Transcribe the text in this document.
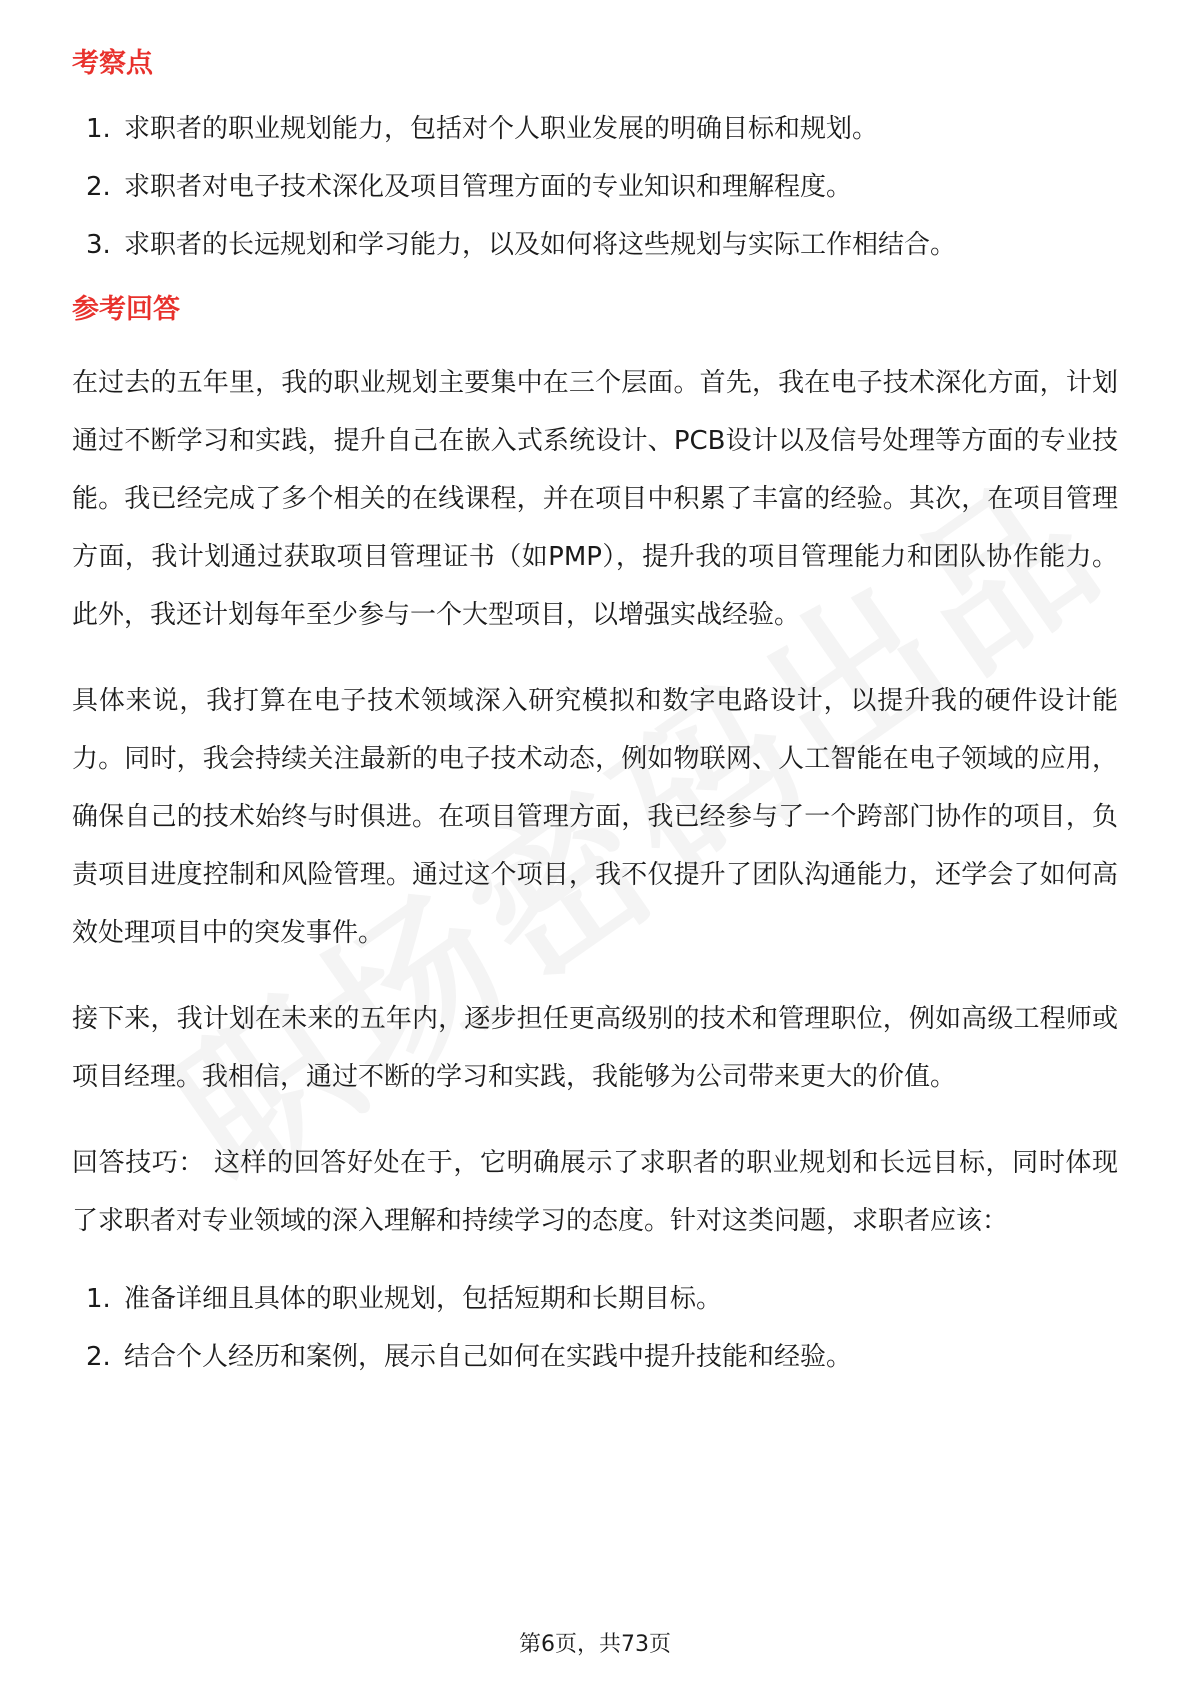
考察点
1. 求职者的职业规划能力，包括对个人职业发展的明确目标和规划。
2. 求职者对电子技术深化及项目管理方面的专业知识和理解程度。
3. 求职者的长远规划和学习能力，以及如何将这些规划与实际工作相结合。
参考回答

在过去的五年里，我的职业规划主要集中在三个层面。首先，我在电子技术深化方面，计划通过不断学习和实践，提升自己在嵌入式系统设计、PCB设计以及信号处理等方面的专业技能。我已经完成了多个相关的在线课程，并在项目中积累了丰富的经验。其次，在项目管理方面，我计划通过获取项目管理证书（如PMP），提升我的项目管理能力和团队协作能力。此外，我还计划每年至少参与一个大型项目，以增强实战经验。

具体来说，我打算在电子技术领域深入研究模拟和数字电路设计，以提升我的硬件设计能力。同时，我会持续关注最新的电子技术动态，例如物联网、人工智能在电子领域的应用，确保自己的技术始终与时俱进。在项目管理方面，我已经参与了一个跨部门协作的项目，负责项目进度控制和风险管理。通过这个项目，我不仅提升了团队沟通能力，还学会了如何高效处理项目中的突发事件。

接下来，我计划在未来的五年内，逐步担任更高级别的技术和管理职位，例如高级工程师或项目经理。我相信，通过不断的学习和实践，我能够为公司带来更大的价值。

回答技巧： 这样的回答好处在于，它明确展示了求职者的职业规划和长远目标，同时体现了求职者对专业领域的深入理解和持续学习的态度。针对这类问题，求职者应该：

1. 准备详细且具体的职业规划，包括短期和长期目标。
2. 结合个人经历和案例，展示自己如何在实践中提升技能和经验。
第6页，共73页
